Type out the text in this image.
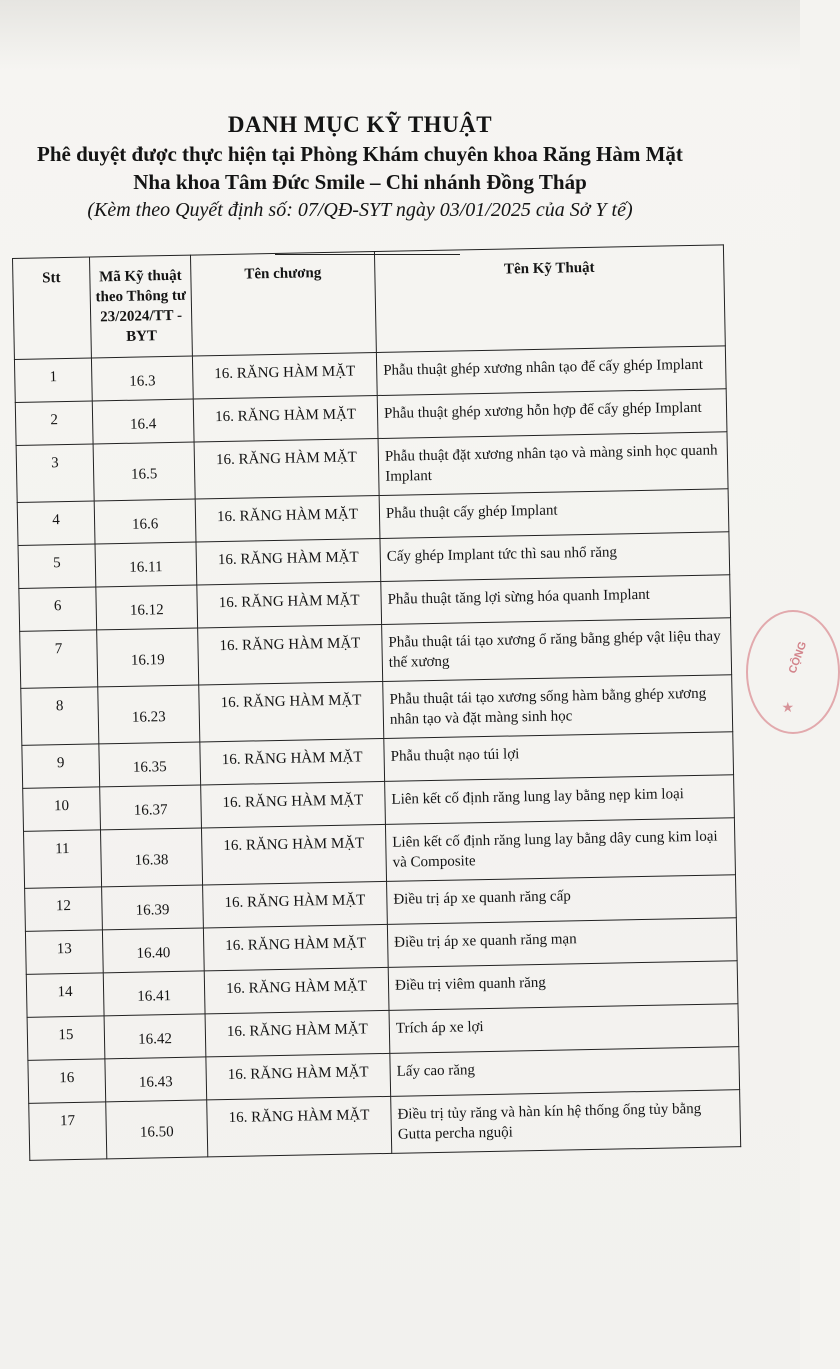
DANH MỤC KỸ THUẬT

Phê duyệt được thực hiện tại Phòng Khám chuyên khoa Răng Hàm Mặt

Nha khoa Tâm Đức Smile – Chi nhánh Đồng Tháp

(Kèm theo Quyết định số: 07/QĐ-SYT ngày 03/01/2025 của Sở Y tế)

Stt	Mã Kỹ thuật theo Thông tư 23/2024/TT -BYT	Tên chương	Tên Kỹ Thuật
1	16.3	16. RĂNG HÀM MẶT	Phẫu thuật ghép xương nhân tạo để cấy ghép Implant
2	16.4	16. RĂNG HÀM MẶT	Phẫu thuật ghép xương hỗn hợp để cấy ghép Implant
3	16.5	16. RĂNG HÀM MẶT	Phẫu thuật đặt xương nhân tạo và màng sinh học quanh Implant
4	16.6	16. RĂNG HÀM MẶT	Phẫu thuật cấy ghép Implant
5	16.11	16. RĂNG HÀM MẶT	Cấy ghép Implant tức thì sau nhổ răng
6	16.12	16. RĂNG HÀM MẶT	Phẫu thuật tăng lợi sừng hóa quanh Implant
7	16.19	16. RĂNG HÀM MẶT	Phẫu thuật tái tạo xương ổ răng bằng ghép vật liệu thay thế xương
8	16.23	16. RĂNG HÀM MẶT	Phẫu thuật tái tạo xương sống hàm bằng ghép xương nhân tạo và đặt màng sinh học
9	16.35	16. RĂNG HÀM MẶT	Phẫu thuật nạo túi lợi
10	16.37	16. RĂNG HÀM MẶT	Liên kết cố định răng lung lay bằng nẹp kim loại
11	16.38	16. RĂNG HÀM MẶT	Liên kết cố định răng lung lay bằng dây cung kim loại và Composite
12	16.39	16. RĂNG HÀM MẶT	Điều trị áp xe quanh răng cấp
13	16.40	16. RĂNG HÀM MẶT	Điều trị áp xe quanh răng mạn
14	16.41	16. RĂNG HÀM MẶT	Điều trị viêm quanh răng
15	16.42	16. RĂNG HÀM MẶT	Trích áp xe lợi
16	16.43	16. RĂNG HÀM MẶT	Lấy cao răng
17	16.50	16. RĂNG HÀM MẶT	Điều trị tủy răng và hàn kín hệ thống ống tủy bằng Gutta percha nguội
CỘNG
★
